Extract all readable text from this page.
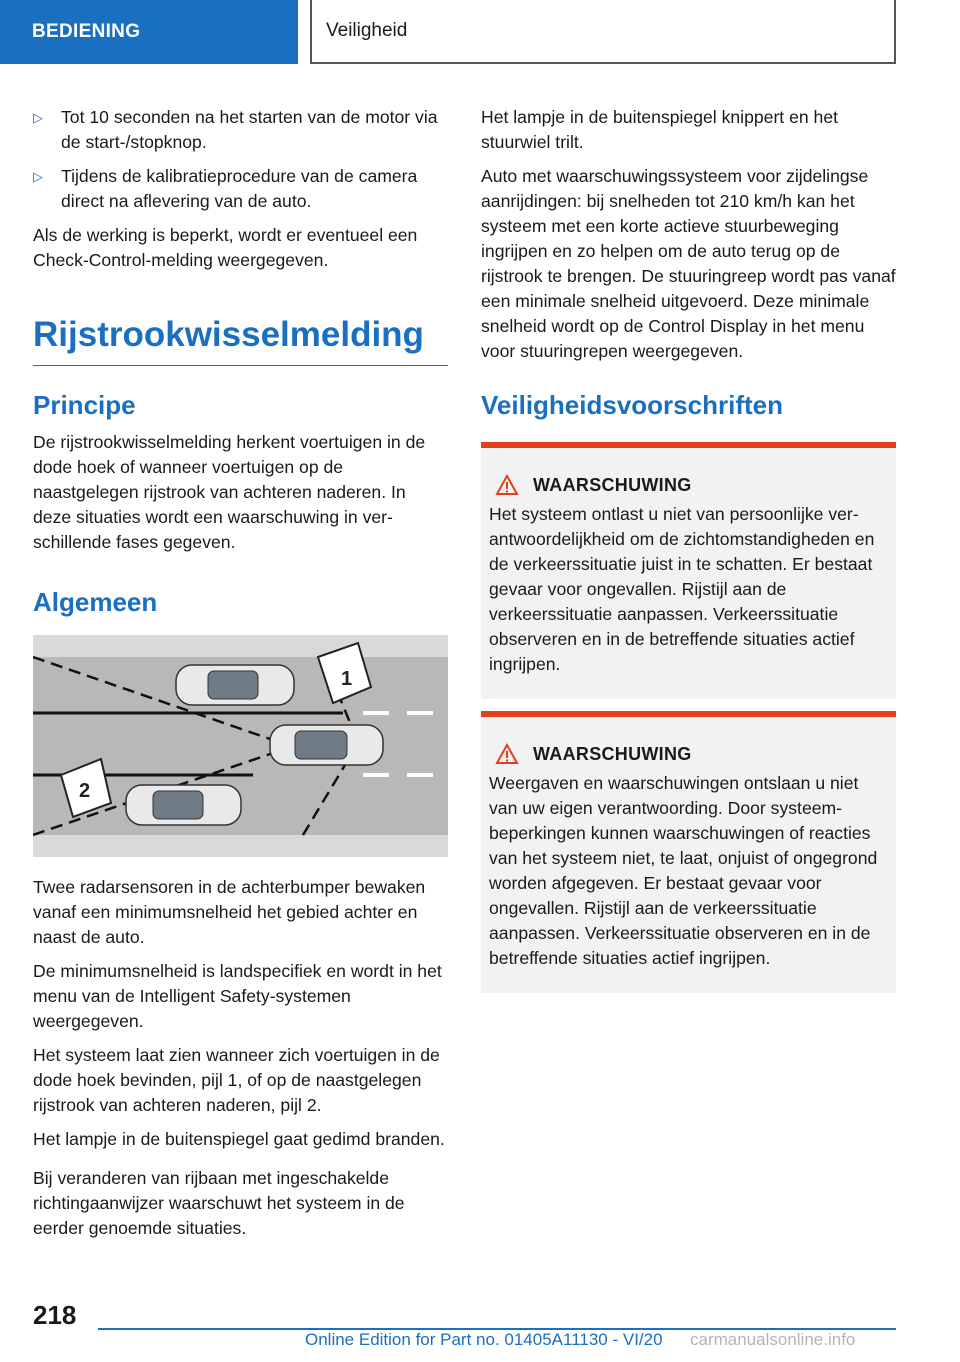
BEDIENING	Veiligheid
▷	Tot 10 seconden na het starten van de motor via de start-/stopknop.
▷	Tijdens de kalibratieprocedure van de camera direct na aflevering van de auto.

Als de werking is beperkt, wordt er eventueel een Check-Control-melding weergegeven.

Rijstrookwisselmelding
Principe

De rijstrookwisselmelding herkent voertuigen in de dode hoek of wanneer voertuigen op de naastgelegen rijstrook van achteren naderen. In deze situaties wordt een waarschuwing in verschillende fases gegeven.

Algemeen
1
2

Twee radarsensoren in de achterbumper bewaken vanaf een minimumsnelheid het gebied achter en naast de auto.

De minimumsnelheid is landspecifiek en wordt in het menu van de Intelligent Safety-systemen weergegeven.

Het systeem laat zien wanneer zich voertuigen in de dode hoek bevinden, pijl 1, of op de naastgelegen rijstrook van achteren naderen, pijl 2.

Het lampje in de buitenspiegel gaat gedimd branden.

Bij veranderen van rijbaan met ingeschakelde richtingaanwijzer waarschuwt het systeem in de eerder genoemde situaties.

Het lampje in de buitenspiegel knippert en het stuurwiel trilt.

Auto met waarschuwingssysteem voor zijdelingse aanrijdingen: bij snelheden tot 210 km/h kan het systeem met een korte actieve stuurbeweging ingrijpen en zo helpen om de auto terug op de rijstrook te brengen. De stuuringreep wordt pas vanaf een minimale snelheid uitgevoerd. Deze minimale snelheid wordt op de Control Display in het menu voor stuuringrepen weergegeven.

Veiligheidsvoorschriften
WAARSCHUWING

Het systeem ontlast u niet van persoonlijke verantwoordelijkheid om de zichtomstandigheden en de verkeerssituatie juist in te schatten. Er bestaat gevaar voor ongevallen. Rijstijl aan de verkeerssituatie aanpassen. Verkeerssituatie observeren en in de betreffende situaties actief ingrijpen.

WAARSCHUWING

Weergaven en waarschuwingen ontslaan u niet van uw eigen verantwoording. Door systeembeperkingen kunnen waarschuwingen of reacties van het systeem niet, te laat, onjuist of ongegrond worden afgegeven. Er bestaat gevaar voor ongevallen. Rijstijl aan de verkeerssituatie aanpassen. Verkeerssituatie observeren en in de betreffende situaties actief ingrijpen.

218
Online Edition for Part no. 01405A11130 - VI/20 carmanualsonline.info
